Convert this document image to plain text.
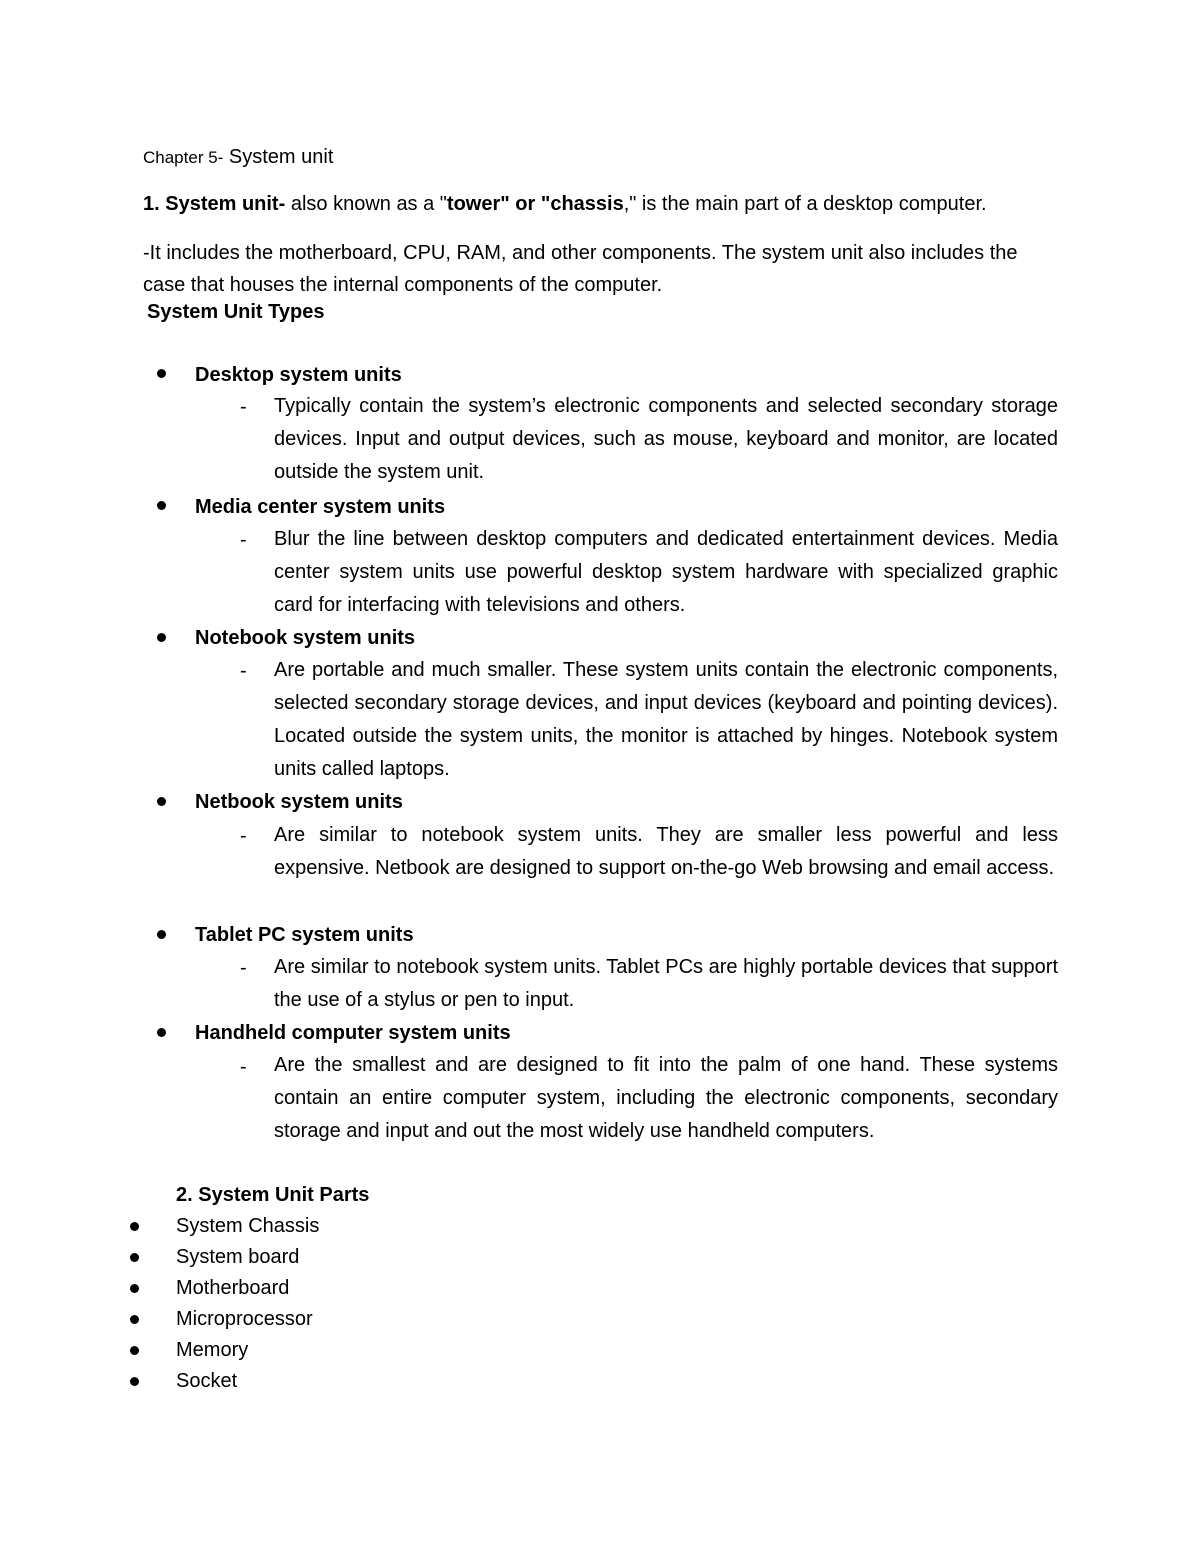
Chapter 5- System unit
1. System unit- also known as a "tower" or "chassis," is the main part of a desktop computer.
-It includes the motherboard, CPU, RAM, and other components. The system unit also includes the case that houses the internal components of the computer.
System Unit Types
Desktop system units
- Typically contain the system’s electronic components and selected secondary storage devices. Input and output devices, such as mouse, keyboard and monitor, are located outside the system unit.
Media center system units
- Blur the line between desktop computers and dedicated entertainment devices. Media center system units use powerful desktop system hardware with specialized graphic card for interfacing with televisions and others.
Notebook system units
- Are portable and much smaller. These system units contain the electronic components, selected secondary storage devices, and input devices (keyboard and pointing devices). Located outside the system units, the monitor is attached by hinges. Notebook system units called laptops.
Netbook system units
- Are similar to notebook system units. They are smaller less powerful and less expensive. Netbook are designed to support on-the-go Web browsing and email access.
Tablet PC system units
- Are similar to notebook system units. Tablet PCs are highly portable devices that support the use of a stylus or pen to input.
Handheld computer system units
- Are the smallest and are designed to fit into the palm of one hand. These systems contain an entire computer system, including the electronic components, secondary storage and input and out the most widely use handheld computers.
2. System Unit Parts
System Chassis
System board
Motherboard
Microprocessor
Memory
Socket
